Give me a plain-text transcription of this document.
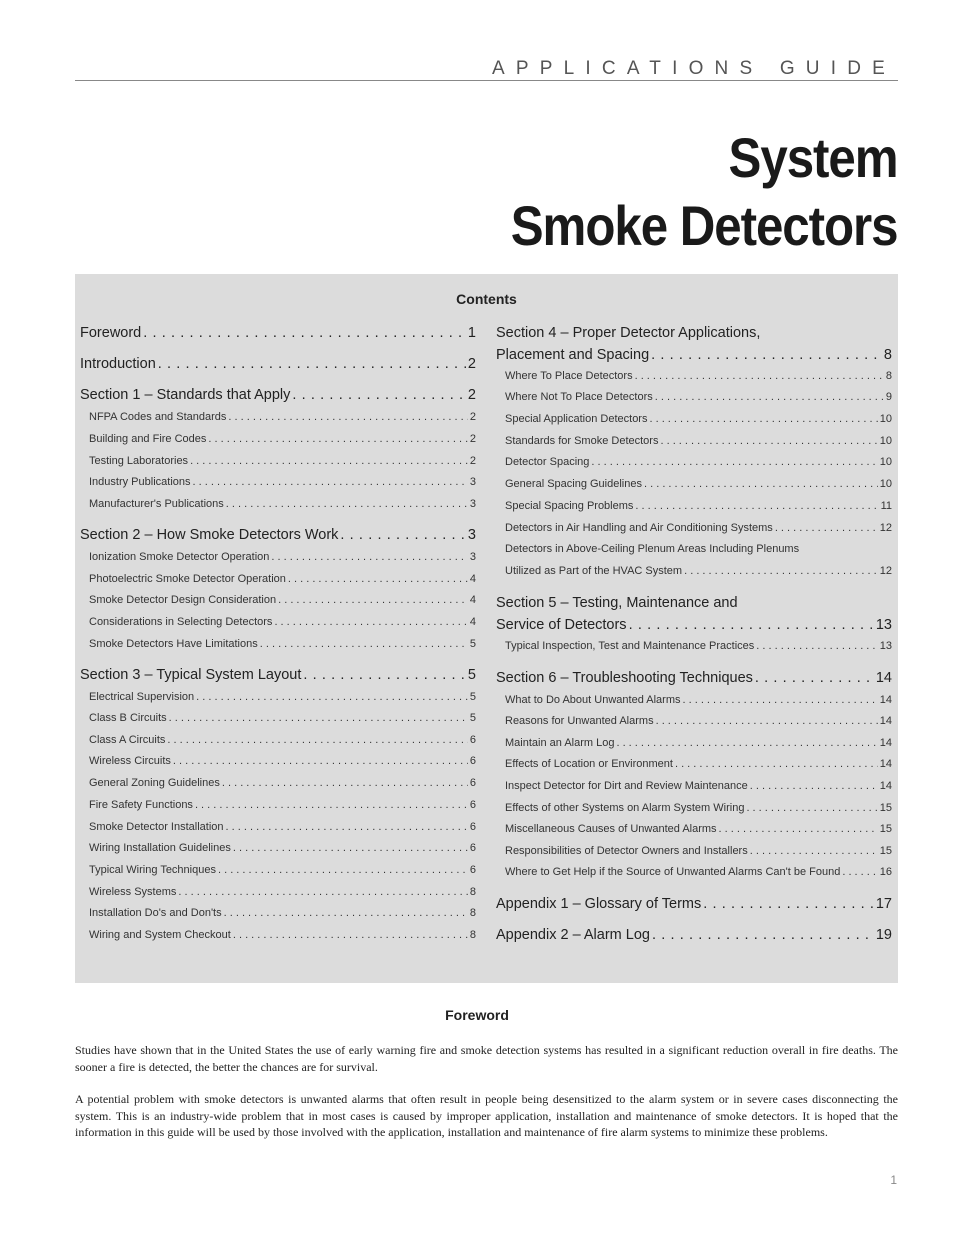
APPLICATIONS GUIDE
System
Smoke Detectors
Contents
Foreword . . .	1
Introduction . . .	2
Section 1 – Standards that Apply . . .	2
NFPA Codes and Standards . . .	2
Building and Fire Codes . . .	2
Testing Laboratories . . .	2
Industry Publications . . .	3
Manufacturer's Publications . . .	3
Section 2 – How Smoke Detectors Work . . .	3
Ionization Smoke Detector Operation . . .	3
Photoelectric Smoke Detector Operation . . .	4
Smoke Detector Design Consideration . . .	4
Considerations in Selecting Detectors . . .	4
Smoke Detectors Have Limitations . . .	5
Section 3 – Typical System Layout . . .	5
Electrical Supervision . . .	5
Class B Circuits . . .	5
Class A Circuits . . .	6
Wireless Circuits . . .	6
General Zoning Guidelines . . .	6
Fire Safety Functions . . .	6
Smoke Detector Installation . . .	6
Wiring Installation Guidelines . . .	6
Typical Wiring Techniques . . .	6
Wireless Systems . . .	8
Installation Do's and Don'ts . . .	8
Wiring and System Checkout . . .	8
Section 4 – Proper Detector Applications,
Placement and Spacing . . .	8
Where To Place Detectors . . .	8
Where Not To Place Detectors . . .	9
Special Application Detectors . . .	10
Standards for Smoke Detectors . . .	10
Detector Spacing . . .	10
General Spacing Guidelines . . .	10
Special Spacing Problems . . .	11
Detectors in Air Handling and Air Conditioning Systems . . .	12
Detectors in Above-Ceiling Plenum Areas Including Plenums
Utilized as Part of the HVAC System . . .	12
Section 5 – Testing, Maintenance and
Service of Detectors . . .	13
Typical Inspection, Test and Maintenance Practices . . .	13
Section 6 – Troubleshooting Techniques . . .	14
What to Do About Unwanted Alarms . . .	14
Reasons for Unwanted Alarms . . .	14
Maintain an Alarm Log . . .	14
Effects of Location or Environment . . .	14
Inspect Detector for Dirt and Review Maintenance . . .	14
Effects of other Systems on Alarm System Wiring . . .	15
Miscellaneous Causes of Unwanted Alarms . . .	15
Responsibilities of Detector Owners and Installers . . .	15
Where to Get Help if the Source of Unwanted Alarms Can't be Found . . .	16
Appendix 1 – Glossary of Terms . . .	17
Appendix 2 – Alarm Log . . .	19
Foreword
Studies have shown that in the United States the use of early warning fire and smoke detection systems has resulted in a significant reduction overall in fire deaths. The sooner a fire is detected, the better the chances are for survival.
A potential problem with smoke detectors is unwanted alarms that often result in people being desensitized to the alarm system or in severe cases disconnecting the system. This is an industry-wide problem that in most cases is caused by improper application, installation and maintenance of smoke detectors. It is hoped that the information in this guide will be used by those involved with the application, installation and maintenance of fire alarm systems to minimize these problems.
1
